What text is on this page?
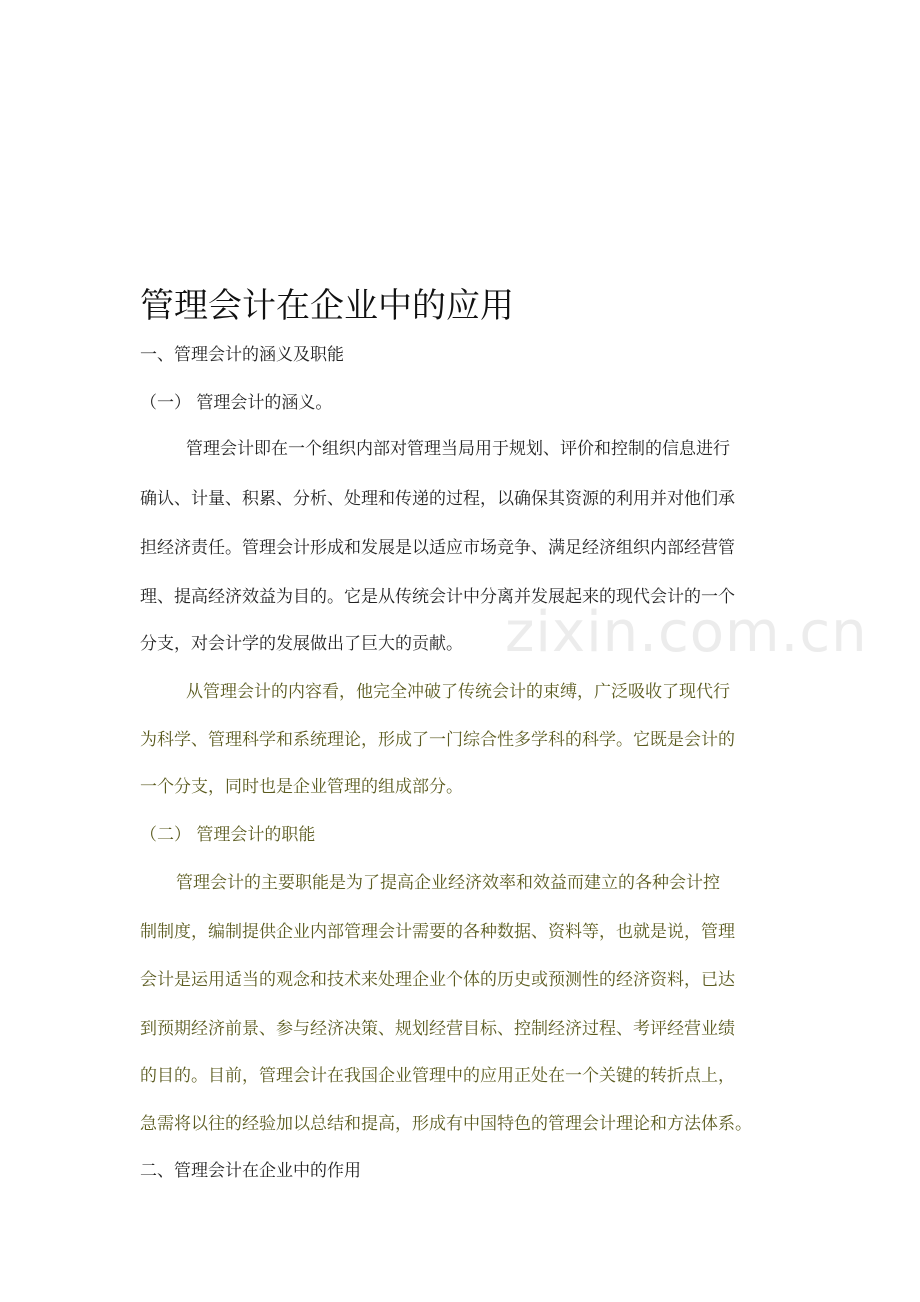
zixin.com.cn
管理会计在企业中的应用
一、管理会计的涵义及职能
（一） 管理会计的涵义。
管理会计即在一个组织内部对管理当局用于规划、评价和控制的信息进行
确认、计量、积累、分析、处理和传递的过程，以确保其资源的利用并对他们承
担经济责任。管理会计形成和发展是以适应市场竞争、满足经济组织内部经营管
理、提高经济效益为目的。它是从传统会计中分离并发展起来的现代会计的一个
分支，对会计学的发展做出了巨大的贡献。
从管理会计的内容看，他完全冲破了传统会计的束缚，广泛吸收了现代行
为科学、管理科学和系统理论，形成了一门综合性多学科的科学。它既是会计的
一个分支，同时也是企业管理的组成部分。
（二） 管理会计的职能
管理会计的主要职能是为了提高企业经济效率和效益而建立的各种会计控
制制度，编制提供企业内部管理会计需要的各种数据、资料等，也就是说，管理
会计是运用适当的观念和技术来处理企业个体的历史或预测性的经济资料，已达
到预期经济前景、参与经济决策、规划经营目标、控制经济过程、考评经营业绩
的目的。目前，管理会计在我国企业管理中的应用正处在一个关键的转折点上，
急需将以往的经验加以总结和提高，形成有中国特色的管理会计理论和方法体系。
二、管理会计在企业中的作用
